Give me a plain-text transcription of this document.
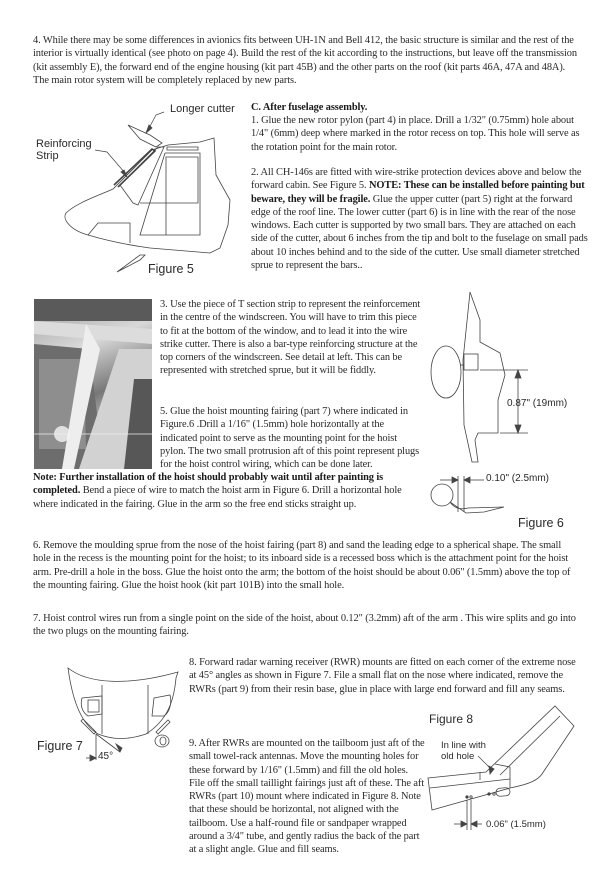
4. While there may be some differences in avionics fits between UH-1N and Bell 412, the basic structure is similar and the rest of the interior is virtually identical (see photo on page 4). Build the rest of the kit according to the instructions, but leave off the transmission (kit assembly E), the forward end of the engine housing (kit part 45B) and the other parts on the roof (kit parts 46A, 47A and 48A). The main rotor system will be completely replaced by new parts.

Longer cutter
Reinforcing
Strip
Figure 5

C. After fuselage assembly.

1. Glue the new rotor pylon (part 4) in place. Drill a 1/32" (0.75mm) hole about 1/4" (6mm) deep where marked in the rotor recess on top. This hole will serve as the rotation point for the main rotor.

2. All CH-146s are fitted with wire-strike protection devices above and below the forward cabin. See Figure 5. NOTE: These can be installed before painting but beware, they will be fragile. Glue the upper cutter (part 5) right at the forward edge of the roof line. The lower cutter (part 6) is in line with the rear of the nose windows. Each cutter is supported by two small bars. They are attached on each side of the cutter, about 6 inches from the tip and bolt to the fuselage on small pads about 10 inches behind and to the side of the cutter. Use small diameter stretched sprue to represent the bars..

3. Use the piece of T section strip to represent the reinforcement in the centre of the windscreen. You will have to trim this piece to fit at the bottom of the window, and to lead it into the wire strike cutter. There is also a bar-type reinforcing structure at the top corners of the windscreen. See detail at left. This can be represented with stretched sprue, but it will be fiddly.

5. Glue the hoist mounting fairing (part 7) where indicated in Figure.6 .Drill a 1/16" (1.5mm) hole horizontally at the indicated point to serve as the mounting point for the hoist pylon. The two small protrusion aft of this point represent plugs for the hoist control wiring, which can be done later.

Note: Further installation of the hoist should probably wait until after painting is completed. Bend a piece of wire to match the hoist arm in Figure 6. Drill a horizontal hole where indicated in the fairing. Glue in the arm so the free end sticks straight up.

0.87" (19mm)
0.10" (2.5mm)
Figure 6

6. Remove the moulding sprue from the nose of the hoist fairing (part 8) and sand the leading edge to a spherical shape. The small hole in the recess is the mounting point for the hoist; to its inboard side is a recessed boss which is the attachment point for the hoist arm. Pre-drill a hole in the boss. Glue the hoist onto the arm; the bottom of the hoist should be about 0.06" (1.5mm) above the top of the mounting fairing. Glue the hoist hook (kit part 101B) into the small hole.

7. Hoist control wires run from a single point on the side of the hoist, about 0.12" (3.2mm) aft of the arm . This wire splits and go into the two plugs on the mounting fairing.

Figure 7
45°

8. Forward radar warning receiver (RWR) mounts are fitted on each corner of the extreme nose at 45° angles as shown in Figure 7. File a small flat on the nose where indicated, remove the RWRs (part 9) from their resin base, glue in place with large end forward and fill any seams.

9. After RWRs are mounted on the tailboom just aft of the small towel-rack antennas. Move the mounting holes for these forward by 1/16" (1.5mm) and fill the old holes. File off the small taillight fairings just aft of these. The aft RWRs (part 10) mount where indicated in Figure 8. Note that these should be horizontal, not aligned with the tailboom. Use a half-round file or sandpaper wrapped around a 3/4" tube, and gently radius the back of the part at a slight angle. Glue and fill seams.

Figure 8
In line with
old hole
0.06" (1.5mm)
